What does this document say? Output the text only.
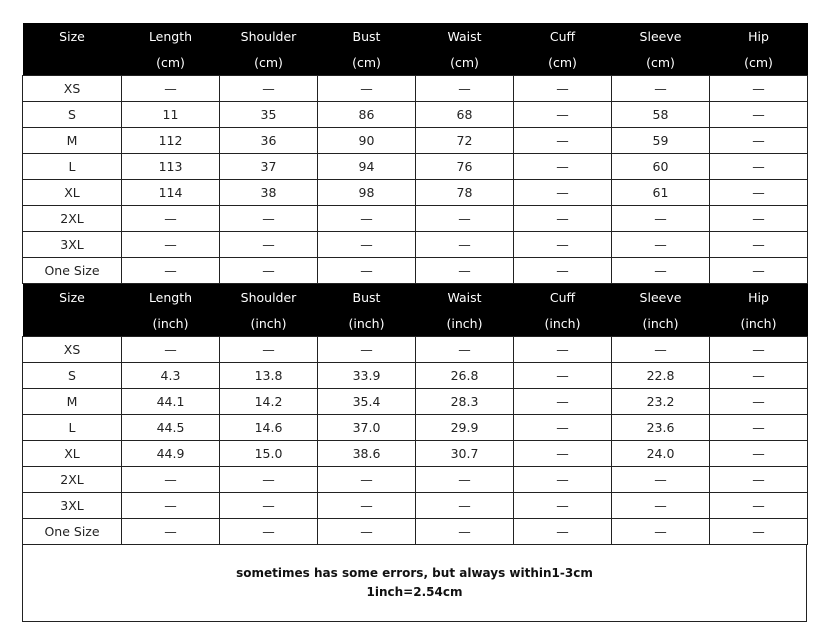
Size	Length	Shoulder	Bust	Waist	Cuff	Sleeve	Hip
	(cm)	(cm)	(cm)	(cm)	(cm)	(cm)	(cm)
XS	—	—	—	—	—	—	—
S	11	35	86	68	—	58	—
M	112	36	90	72	—	59	—
L	113	37	94	76	—	60	—
XL	114	38	98	78	—	61	—
2XL	—	—	—	—	—	—	—
3XL	—	—	—	—	—	—	—
One Size	—	—	—	—	—	—	—
Size	Length	Shoulder	Bust	Waist	Cuff	Sleeve	Hip
	(inch)	(inch)	(inch)	(inch)	(inch)	(inch)	(inch)
XS	—	—	—	—	—	—	—
S	4.3	13.8	33.9	26.8	—	22.8	—
M	44.1	14.2	35.4	28.3	—	23.2	—
L	44.5	14.6	37.0	29.9	—	23.6	—
XL	44.9	15.0	38.6	30.7	—	24.0	—
2XL	—	—	—	—	—	—	—
3XL	—	—	—	—	—	—	—
One Size	—	—	—	—	—	—	—
sometimes has some errors, but always within1-3cm
1inch=2.54cm
